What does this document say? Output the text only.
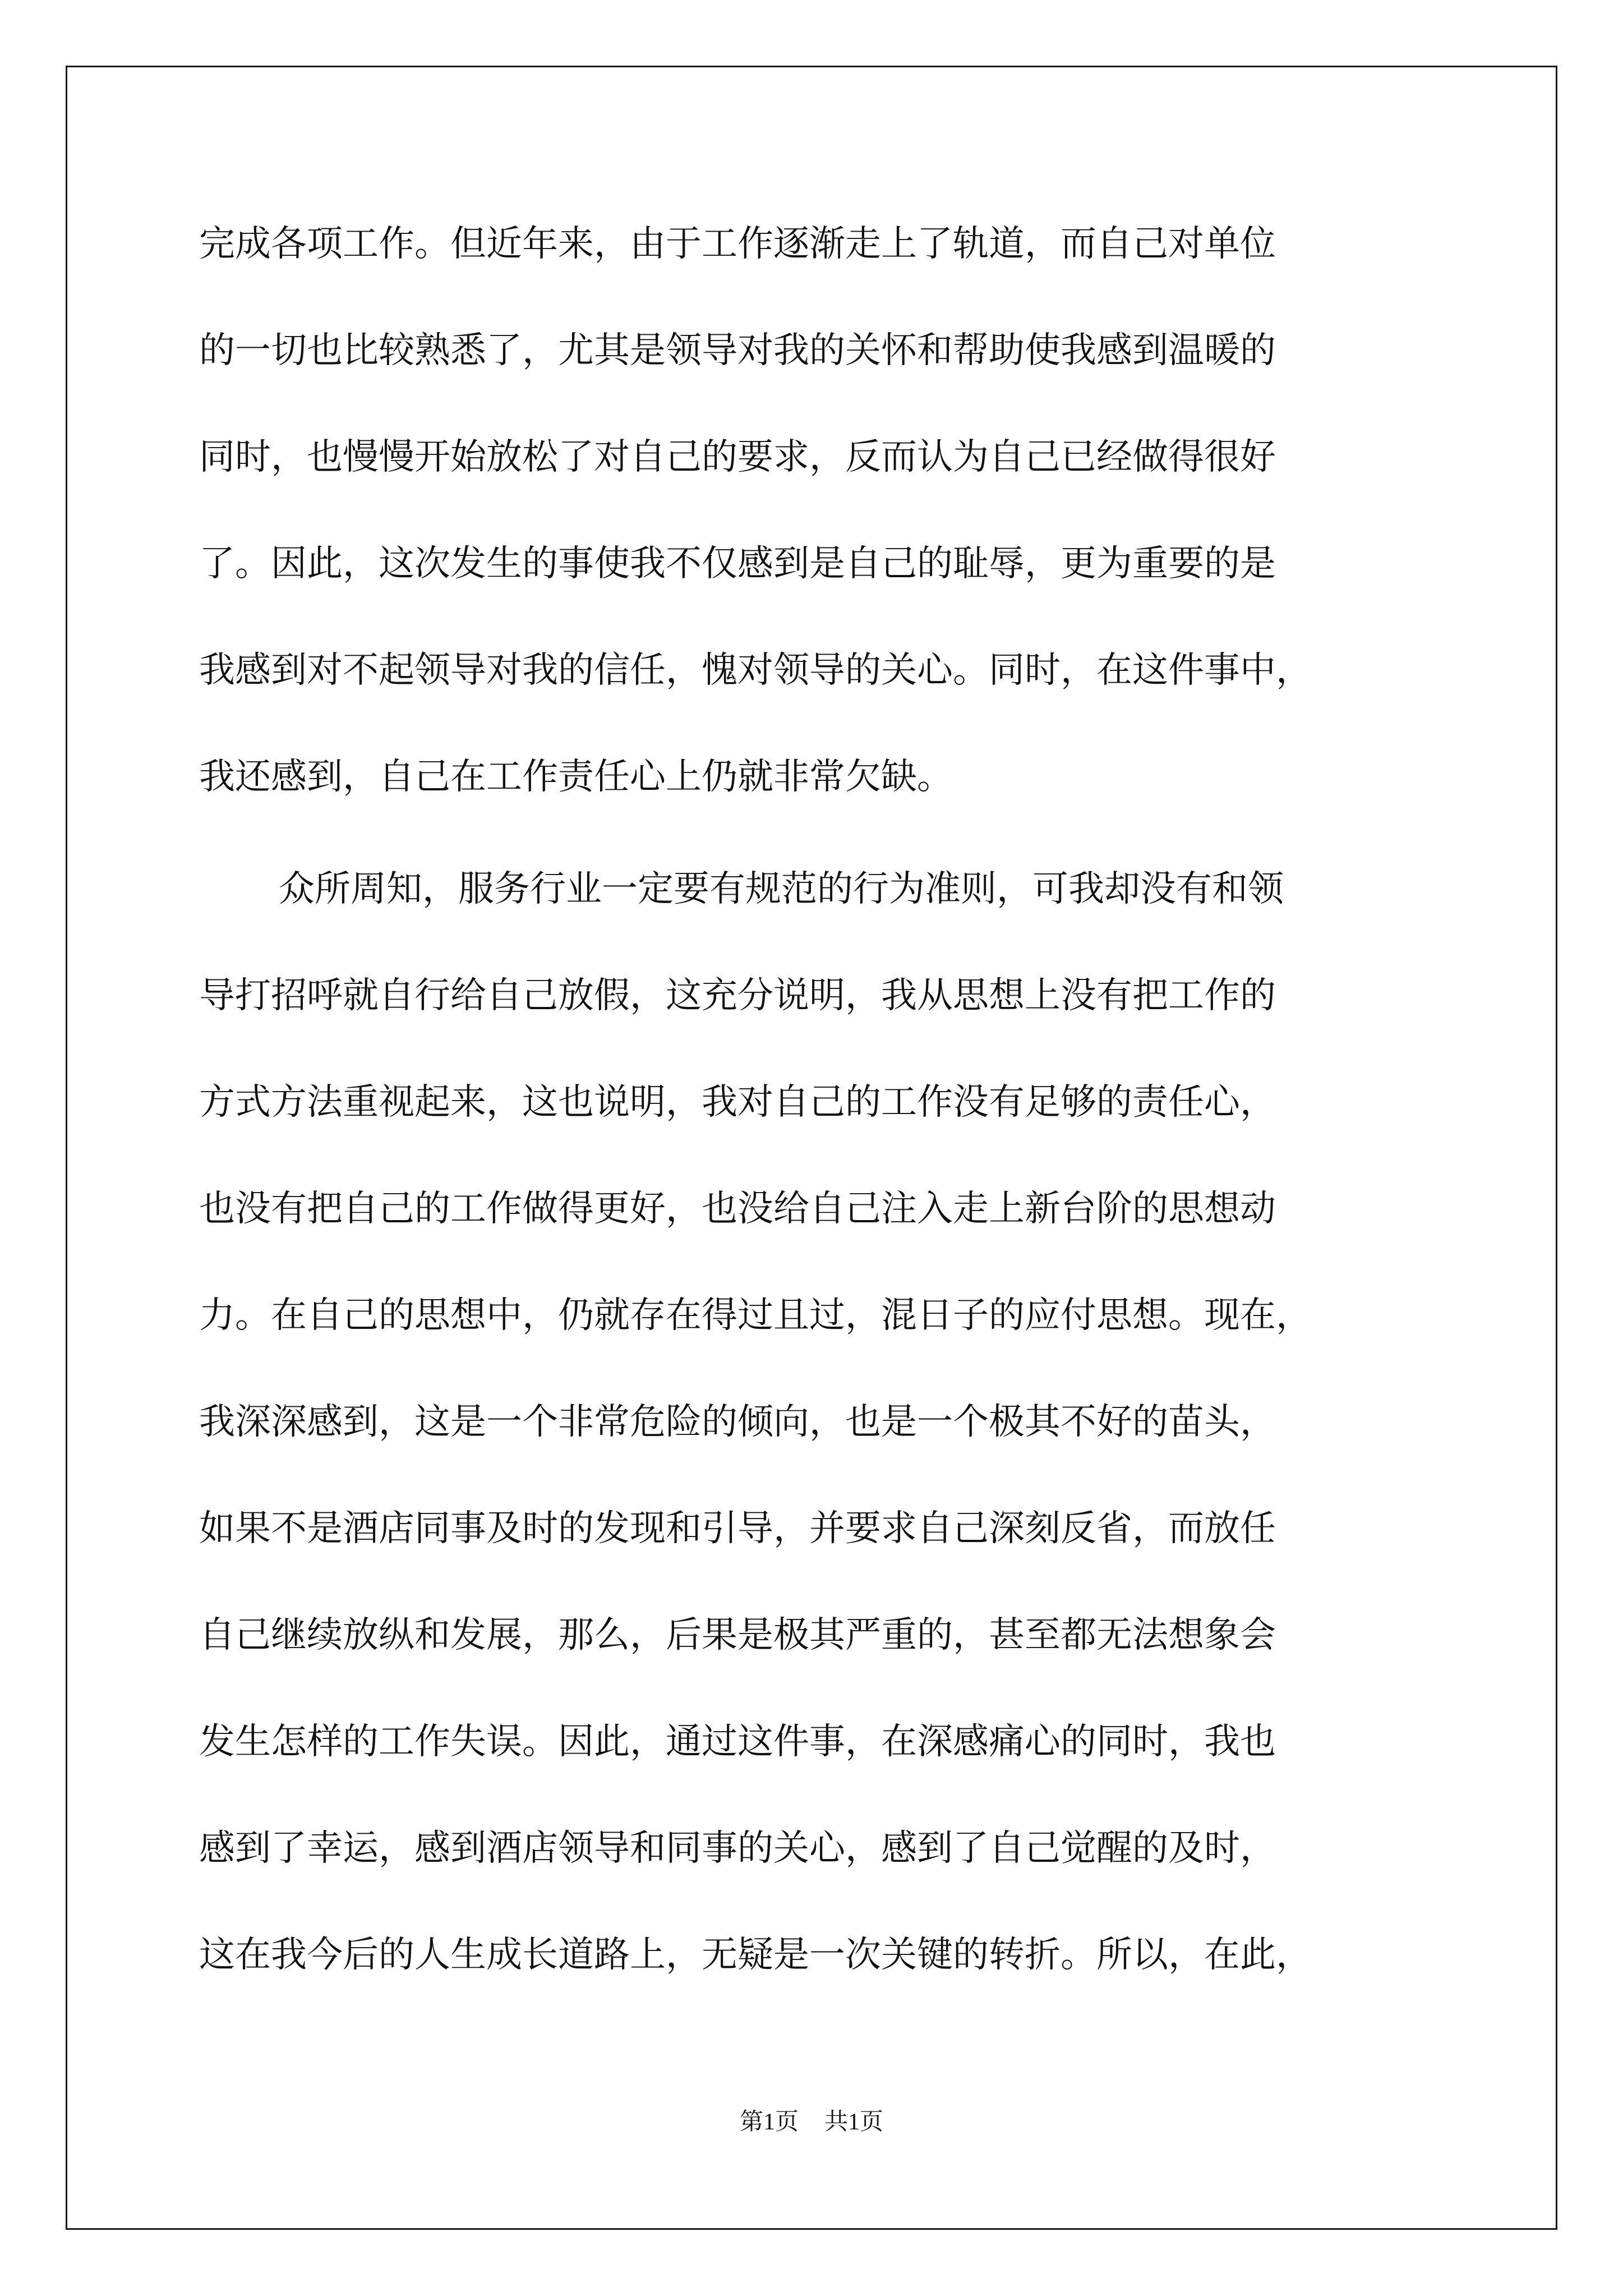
完成各项工作。但近年来，由于工作逐渐走上了轨道，而自己对单位

的一切也比较熟悉了，尤其是领导对我的关怀和帮助使我感到温暖的

同时，也慢慢开始放松了对自己的要求，反而认为自己已经做得很好

了。因此，这次发生的事使我不仅感到是自己的耻辱，更为重要的是

我感到对不起领导对我的信任，愧对领导的关心。同时，在这件事中，

我还感到，自己在工作责任心上仍就非常欠缺。

众所周知，服务行业一定要有规范的行为准则，可我却没有和领

导打招呼就自行给自己放假，这充分说明，我从思想上没有把工作的

方式方法重视起来，这也说明，我对自己的工作没有足够的责任心，

也没有把自己的工作做得更好，也没给自己注入走上新台阶的思想动

力。在自己的思想中，仍就存在得过且过，混日子的应付思想。现在，

我深深感到，这是一个非常危险的倾向，也是一个极其不好的苗头，

如果不是酒店同事及时的发现和引导，并要求自己深刻反省，而放任

自己继续放纵和发展，那么，后果是极其严重的，甚至都无法想象会

发生怎样的工作失误。因此，通过这件事，在深感痛心的同时，我也

感到了幸运，感到酒店领导和同事的关心，感到了自己觉醒的及时，

这在我今后的人生成长道路上，无疑是一次关键的转折。所以，在此，

第1页 共1页
